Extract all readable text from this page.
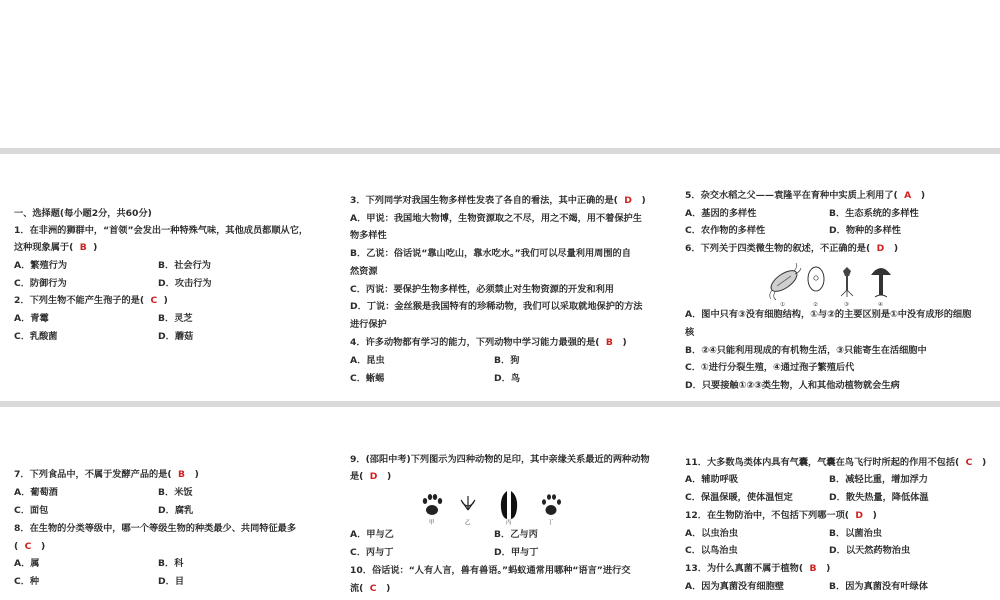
一、选择题(每小题2分，共60分)
1．在非洲的狮群中，“首领”会发出一种特殊气味，其他成员都顺从它，
这种现象属于( B )
A．繁殖行为	B．社会行为
C．防御行为	D．攻击行为
2．下列生物不能产生孢子的是( C )
A．青霉	B．灵芝
C．乳酸菌	D．蘑菇
3．下列同学对我国生物多样性发表了各自的看法，其中正确的是( D )
A．甲说：我国地大物博，生物资源取之不尽，用之不竭，用不着保护生
物多样性
B．乙说：俗话说“靠山吃山，靠水吃水。”我们可以尽量利用周围的自
然资源
C．丙说：要保护生物多样性，必须禁止对生物资源的开发和利用
D．丁说：金丝猴是我国特有的珍稀动物，我们可以采取就地保护的方法
进行保护
4．许多动物都有学习的能力，下列动物中学习能力最强的是( B )
A．昆虫	B．狗
C．蜥蜴	D．鸟
5．杂交水稻之父——袁隆平在育种中实质上利用了( A )
A．基因的多样性	B．生态系统的多样性
C．农作物的多样性	D．物种的多样性
6．下列关于四类微生物的叙述，不正确的是( D )
①	②	③	④
A．图中只有③没有细胞结构，①与②的主要区别是①中没有成形的细胞
核
B．②④只能利用现成的有机物生活，③只能寄生在活细胞中
C．①进行分裂生殖，④通过孢子繁殖后代
D．只要接触①②③类生物，人和其他动植物就会生病
7．下列食品中，不属于发酵产品的是( B )
A．葡萄酒	B．米饭
C．面包	D．腐乳
8．在生物的分类等级中，哪一个等级生物的种类最少、共同特征最多
( C )
A．属	B．科
C．种	D．目
9．(邵阳中考)下列图示为四种动物的足印，其中亲缘关系最近的两种动物
是( D )
甲	乙	丙	丁
A．甲与乙	B．乙与丙
C．丙与丁	D．甲与丁
10．俗话说：“人有人言，兽有兽语。”蚂蚁通常用哪种“语言”进行交
流( C )
11．大多数鸟类体内具有气囊，气囊在鸟飞行时所起的作用不包括( C )
A．辅助呼吸	B．减轻比重，增加浮力
C．保温保暖，使体温恒定	D．散失热量，降低体温
12．在生物防治中，不包括下列哪一项( D )
A．以虫治虫	B．以菌治虫
C．以鸟治虫	D．以天然药物治虫
13．为什么真菌不属于植物( B )
A．因为真菌没有细胞壁	B．因为真菌没有叶绿体
